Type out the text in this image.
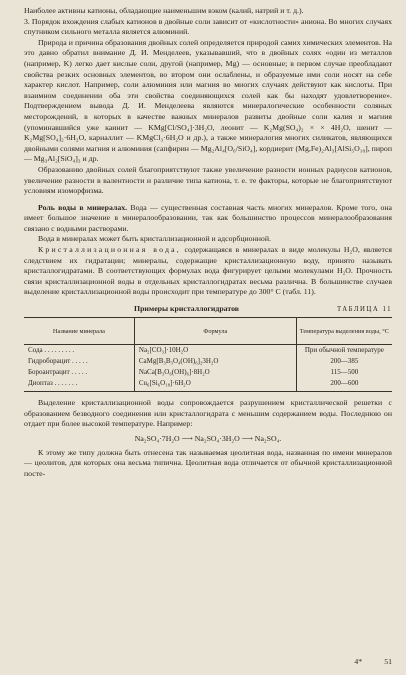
Наиболее активны катионы, обладающие наименьшим вэком (калий, натрий и т. д.).

3. Порядок вхождения слабых катионов в двойные соли зависит от «кислотности» аниона. Во многих случаях спутником сильного металла является алюминий.

Природа и причина образования двойных солей определяется природой самих химических элементов. На это давно обратил внимание Д. И. Менделеев, указывавший, что в двойных солях «один из металлов (например, K) легко дает кислые соли, другой (например, Mg) — основные; в первом случае преобладают свойства резких основных элементов, во втором они ослаблены, и образуемые ими соли носят на себе характер кислот. Например, соли алюминия или магния во многих случаях действуют как кислоты. При взаимном соединении оба эти свойства соединяющихся солей как бы находят удовлетворение». Подтверждением вывода Д. И. Менделеева являются минералогические особенности соляных месторождений, в которых в качестве важных минералов развиты двойные соли калия и магния (упоминавшийся уже каинит — KMg[Cl/SO₄]·3H₂O, леонит — K₂Mg(SO₄)₂ × × 4H₂O, шенит — K₂Mg[SO₄]₂·6H₂O, карналлит — KMgCl₃·6H₂O и др.), а также минералогия многих силикатов, являющихся двойными солями магния и алюминия (сапфирин — Mg₂Al₄[O₆/SiO₄], кордиерит (Mg,Fe)₂Al₃[AlSi₅O₁₈], пироп — Mg₃Al₂[SiO₄]₃ и др.

Образованию двойных солей благоприятствуют также увеличение разности ионных радиусов катионов, увеличение разности в валентности и различие типа катиона, т. е. те факторы, которые не благоприятствуют условиям изоморфизма.

Роль воды в минералах. Вода — существенная составная часть многих минералов. Кроме того, она имеет большое значение в минералообразовании, так как большинство процессов минералообразования связано с водными растворами.

Вода в минералах может быть кристаллизационной и адсорбционной.

Кристаллизационная вода, содержащаяся в минералах в виде молекулы H₂O, является следствием их гидратации; минералы, содержащие кристаллизационную воду, принято называть кристаллогидратами. В соответствующих формулах вода фигурирует целыми молекулами H₂O. Прочность связи кристаллизационной воды в отдельных кристаллогидратах весьма различна. В большинстве случаев выделение кристаллизационной воды происходит при температуре до 300° С (табл. 11).

Примеры кристаллогидратов	ТАБЛИЦА 11
Название минерала	Формула	Температура выделения воды, °С
Сода . . . . . . . . .	Na₂[CO₃]·10H₂O	При обычной температуре
Гидроборацит . . . . .	CaMg[B₃B₃O₄(OH)₆]₂3H₂O	200—385
Бороантрацит . . . . .	NaCa[B₃O₆(OH)₆]·8H₂O	115—500
Диоптаз . . . . . . .	Cu₆[Si₆O₁₈]·6H₂O	200—600

Выделение кристаллизационной воды сопровождается разрушением кристаллической решетки с образованием безводного соединения или кристаллогидрата с меньшим содержанием воды. Последнюю он отдает при более высокой температуре. Например:

Na₂SO₄·7H₂O ⟶ Na₂SO₄·3H₂O ⟶ Na₂SO₄.

К этому же типу должна быть отнесена так называемая цеолитная вода, названная по имени минералов — цеолитов, для которых она весьма типична. Цеолитная вода отличается от обычной кристаллизационной посте-

4*	51
